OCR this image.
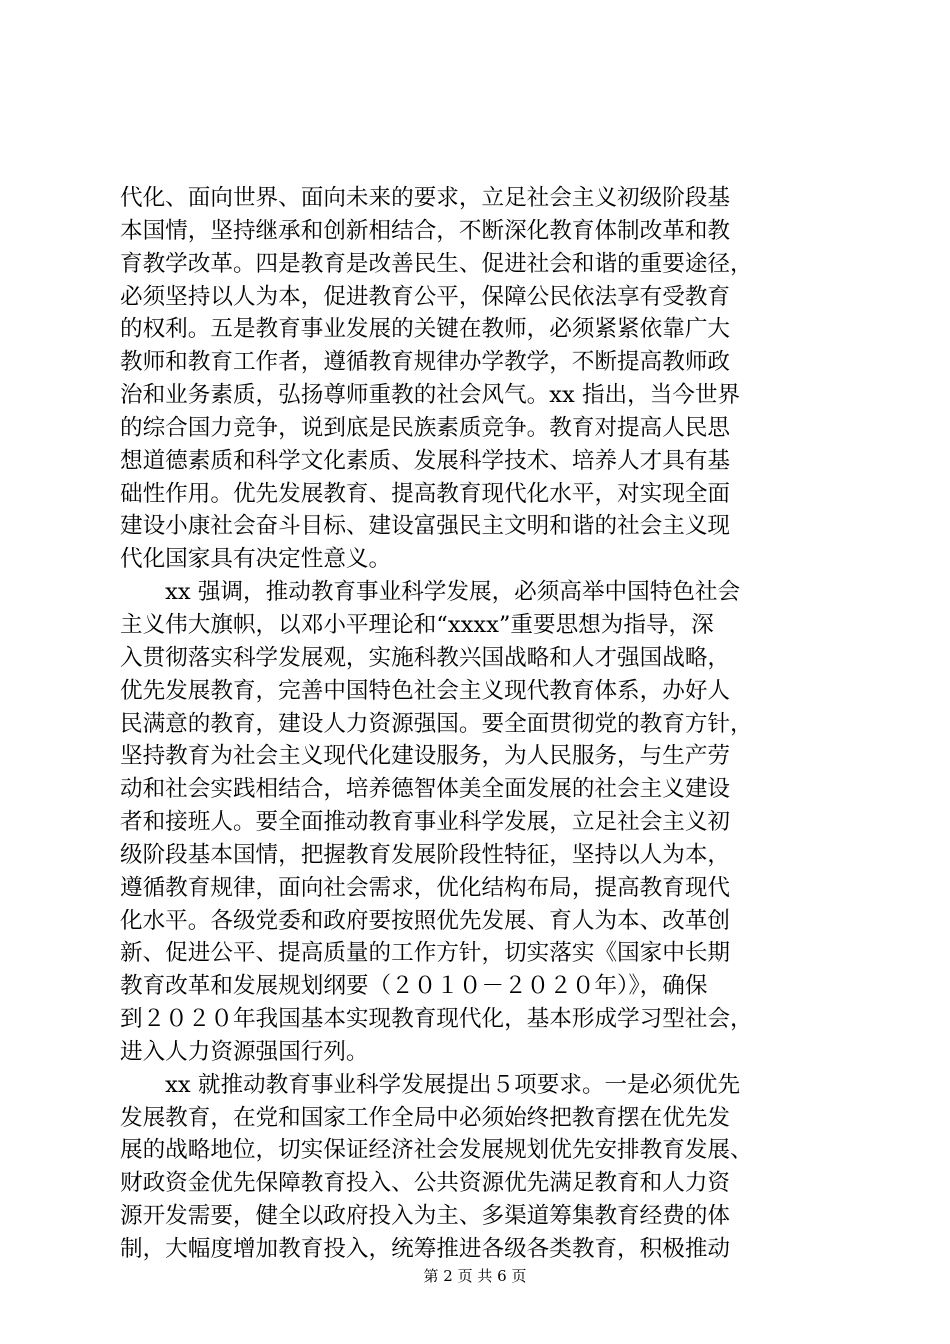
代化、面向世界、面向未来的要求，立足社会主义初级阶段基
本国情，坚持继承和创新相结合，不断深化教育体制改革和教
育教学改革。四是教育是改善民生、促进社会和谐的重要途径，
必须坚持以人为本，促进教育公平，保障公民依法享有受教育
的权利。五是教育事业发展的关键在教师，必须紧紧依靠广大
教师和教育工作者，遵循教育规律办学教学，不断提高教师政
治和业务素质，弘扬尊师重教的社会风气。xx 指出，当今世界
的综合国力竞争，说到底是民族素质竞争。教育对提高人民思
想道德素质和科学文化素质、发展科学技术、培养人才具有基
础性作用。优先发展教育、提高教育现代化水平，对实现全面
建设小康社会奋斗目标、建设富强民主文明和谐的社会主义现
代化国家具有决定性意义。
　　xx 强调，推动教育事业科学发展，必须高举中国特色社会
主义伟大旗帜，以邓小平理论和“xxxx”重要思想为指导，深
入贯彻落实科学发展观，实施科教兴国战略和人才强国战略，
优先发展教育，完善中国特色社会主义现代教育体系，办好人
民满意的教育，建设人力资源强国。要全面贯彻党的教育方针，
坚持教育为社会主义现代化建设服务，为人民服务，与生产劳
动和社会实践相结合，培养德智体美全面发展的社会主义建设
者和接班人。要全面推动教育事业科学发展，立足社会主义初
级阶段基本国情，把握教育发展阶段性特征，坚持以人为本，
遵循教育规律，面向社会需求，优化结构布局，提高教育现代
化水平。各级党委和政府要按照优先发展、育人为本、改革创
新、促进公平、提高质量的工作方针，切实落实《国家中长期
教育改革和发展规划纲要（２０１０－２０２０年）》，确保
到２０２０年我国基本实现教育现代化，基本形成学习型社会，
进入人力资源强国行列。
　　xx 就推动教育事业科学发展提出５项要求。一是必须优先
发展教育，在党和国家工作全局中必须始终把教育摆在优先发
展的战略地位，切实保证经济社会发展规划优先安排教育发展、
财政资金优先保障教育投入、公共资源优先满足教育和人力资
源开发需要，健全以政府投入为主、多渠道筹集教育经费的体
制，大幅度增加教育投入，统筹推进各级各类教育，积极推动
第 2 页 共 6 页
